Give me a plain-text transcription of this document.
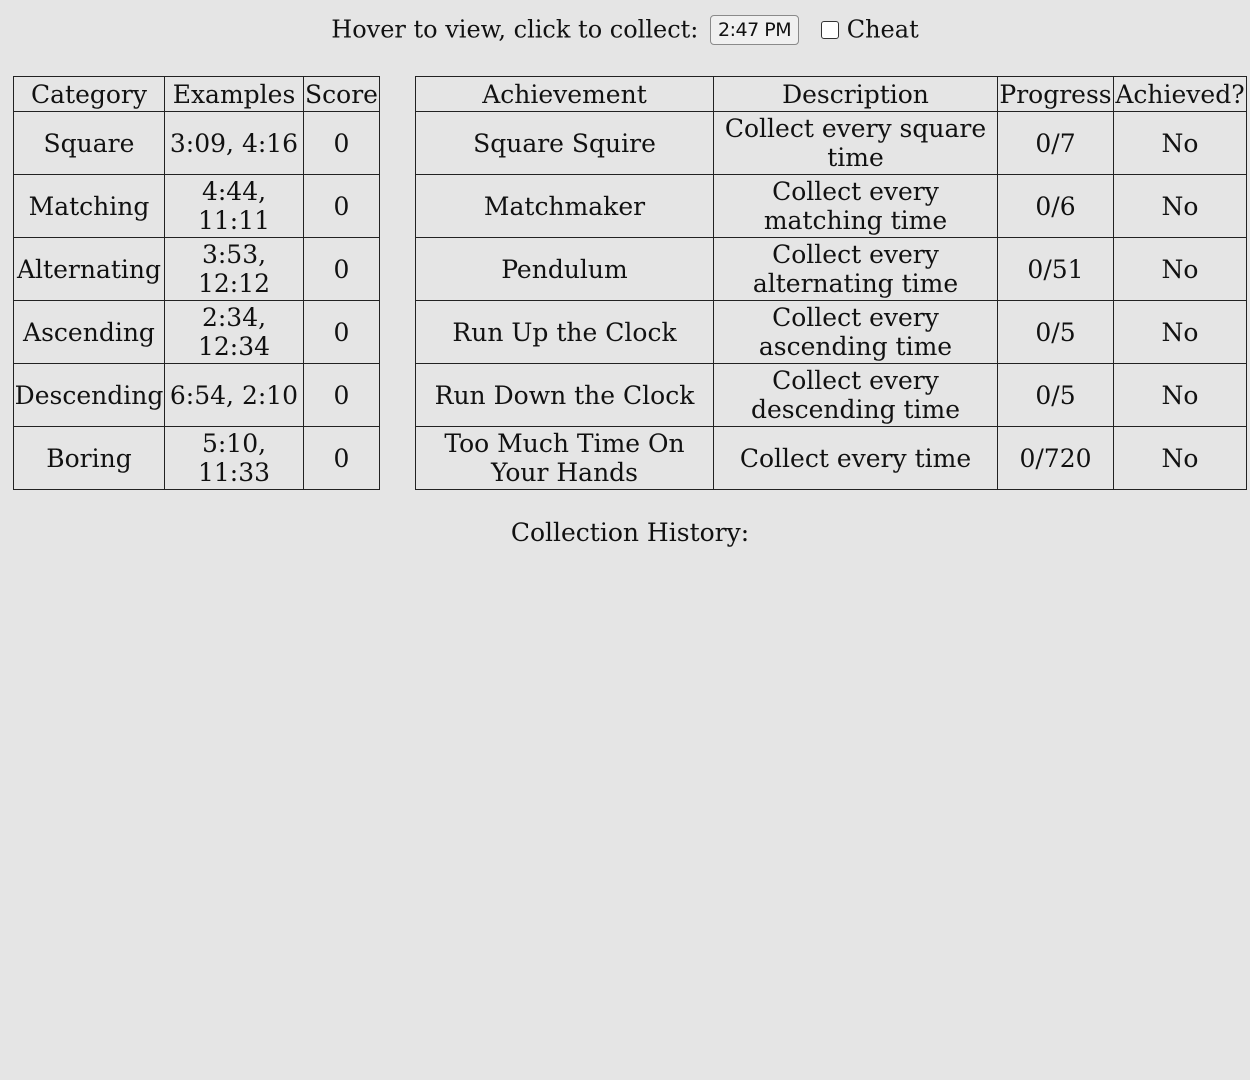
Hover to view, click to collect: 2:47 PM Cheat
Category	Examples	Score
Square	3:09, 4:16	0
Matching	4:44, 11:11	0
Alternating	3:53, 12:12	0
Ascending	2:34, 12:34	0
Descending	6:54, 2:10	0
Boring	5:10, 11:33	0
Achievement	Description	Progress	Achieved?
Square Squire	Collect every square time	0/7	No
Matchmaker	Collect every matching time	0/6	No
Pendulum	Collect every alternating time	0/51	No
Run Up the Clock	Collect every ascending time	0/5	No
Run Down the Clock	Collect every descending time	0/5	No
Too Much Time On Your Hands	Collect every time	0/720	No
Collection History:
